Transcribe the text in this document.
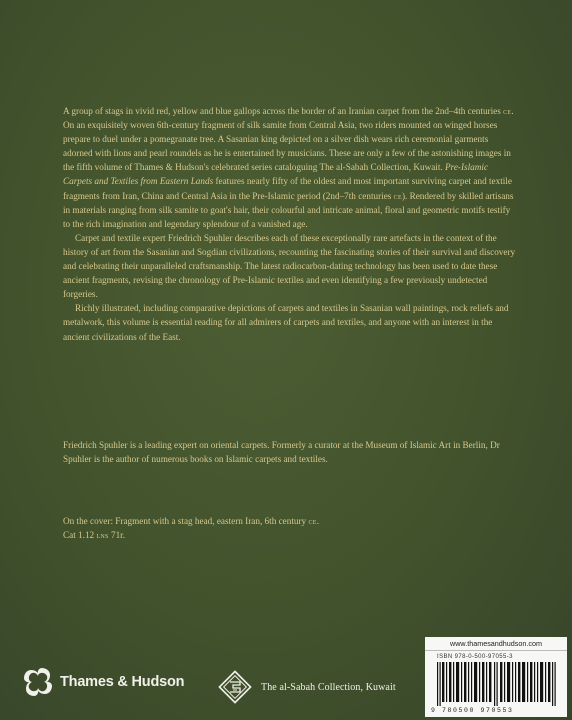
A group of stags in vivid red, yellow and blue gallops across the border of an Iranian carpet from the 2nd–4th centuries ce. On an exquisitely woven 6th-century fragment of silk samite from Central Asia, two riders mounted on winged horses prepare to duel under a pomegranate tree. A Sasanian king depicted on a silver dish wears rich ceremonial garments adorned with lions and pearl roundels as he is entertained by musicians. These are only a few of the astonishing images in the fifth volume of Thames & Hudson's celebrated series cataloguing The al-Sabah Collection, Kuwait. Pre-Islamic Carpets and Textiles from Eastern Lands features nearly fifty of the oldest and most important surviving carpet and textile fragments from Iran, China and Central Asia in the Pre-Islamic period (2nd–7th centuries ce). Rendered by skilled artisans in materials ranging from silk samite to goat's hair, their colourful and intricate animal, floral and geometric motifs testify to the rich imagination and legendary splendour of a vanished age.

Carpet and textile expert Friedrich Spuhler describes each of these exceptionally rare artefacts in the context of the history of art from the Sasanian and Sogdian civilizations, recounting the fascinating stories of their survival and discovery and celebrating their unparalleled craftsmanship. The latest radiocarbon-dating technology has been used to date these ancient fragments, revising the chronology of Pre-Islamic textiles and even identifying a few previously undetected forgeries.

Richly illustrated, including comparative depictions of carpets and textiles in Sasanian wall paintings, rock reliefs and metalwork, this volume is essential reading for all admirers of carpets and textiles, and anyone with an interest in the ancient civilizations of the East.

Friedrich Spuhler is a leading expert on oriental carpets. Formerly a curator at the Museum of Islamic Art in Berlin, Dr Spuhler is the author of numerous books on Islamic carpets and textiles.

On the cover: Fragment with a stag head, eastern Iran, 6th century ce.

Cat 1.12 lns 71r.

Thames & Hudson	The al-Sabah Collection, Kuwait
www.thamesandhudson.com
ISBN 978-0-500-97055-3
9 780500 970553
